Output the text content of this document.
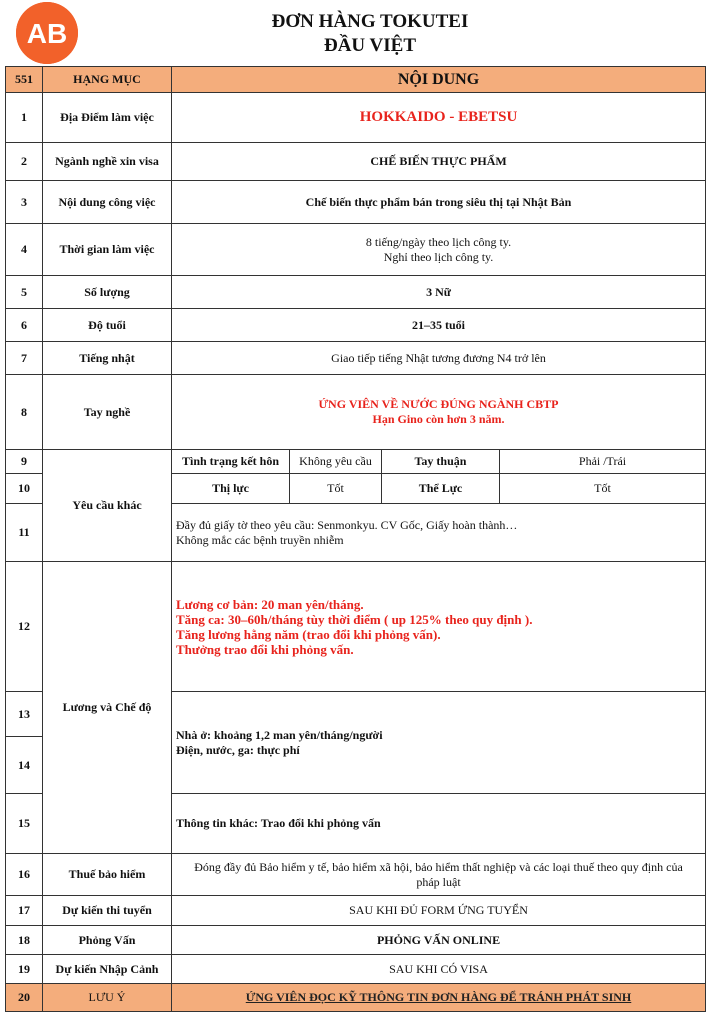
AB	ĐƠN HÀNG TOKUTEI
ĐẦU VIỆT
551	HẠNG MỤC	NỘI DUNG			
1	Địa Điểm làm việc	HOKKAIDO - EBETSU			
2	Ngành nghề xin visa	CHẾ BIẾN THỰC PHẨM			
3	Nội dung công việc	Chế biến thực phẩm bán trong siêu thị tại Nhật Bản			
4	Thời gian làm việc	8 tiếng/ngày theo lịch công ty.
Nghỉ theo lịch công ty.			

5	Số lượng	3 Nữ			
6	Độ tuổi	21–35 tuổi			
7	Tiếng nhật	Giao tiếp tiếng Nhật tương đương N4 trở lên			
8	Tay nghề	ỨNG VIÊN VỀ NƯỚC ĐÚNG NGÀNH CBTP
Hạn Gino còn hơn 3 năm.			

9	Yêu cầu khác	Tình trạng kết hôn	Không yêu cầu	Tay thuận	Phải /Trái
10		Thị lực	Tốt	Thể Lực	Tốt
11		Đầy đủ giấy tờ theo yêu cầu: Senmonkyu. CV Gốc, Giấy hoàn thành…
Không mắc các bệnh truyền nhiễm			

12	Lương và Chế độ	Lương cơ bản: 20 man yên/tháng.
Tăng ca: 30–60h/tháng tùy thời điểm ( up 125% theo quy định ).
Tăng lương hằng năm (trao đổi khi phỏng vấn).
Thưởng trao đổi khi phỏng vấn.			

13		Nhà ở: khoảng 1,2 man yên/tháng/người
Điện, nước, ga: thực phí			

14					
15		Thông tin khác: Trao đổi khi phỏng vấn			
16	Thuế bảo hiểm	Đóng đầy đủ Bảo hiểm y tế, bảo hiểm xã hội, bảo hiểm thất nghiệp và các loại thuế theo quy định của
pháp luật			

17	Dự kiến thi tuyển	SAU KHI ĐỦ FORM ỨNG TUYỂN			
18	Phỏng Vấn	PHỎNG VẤN ONLINE			
19	Dự kiến Nhập Cảnh	SAU KHI CÓ VISA			
20	LƯU Ý	ỨNG VIÊN ĐỌC KỸ THÔNG TIN ĐƠN HÀNG ĐỂ TRÁNH PHÁT SINH			
